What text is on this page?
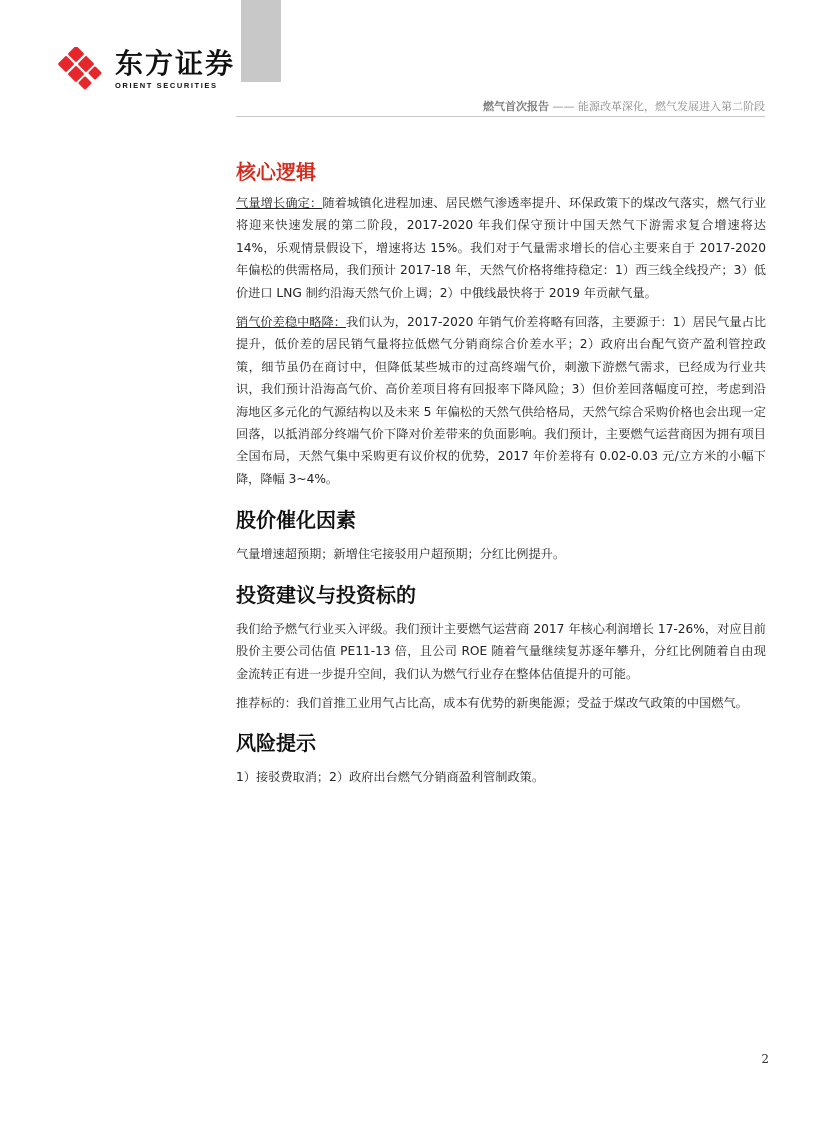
东方证券
ORIENT SECURITIES
燃气首次报告 —— 能源改革深化，燃气发展进入第二阶段
核心逻辑

气量增长确定：随着城镇化进程加速、居民燃气渗透率提升、环保政策下的煤改气落实，燃气行业将迎来快速发展的第二阶段，2017-2020 年我们保守预计中国天然气下游需求复合增速将达 14%，乐观情景假设下，增速将达 15%。我们对于气量需求增长的信心主要来自于 2017-2020 年偏松的供需格局，我们预计 2017-18 年，天然气价格将维持稳定：1）西三线全线投产；3）低价进口 LNG 制约沿海天然气价上调；2）中俄线最快将于 2019 年贡献气量。

销气价差稳中略降：我们认为，2017-2020 年销气价差将略有回落，主要源于：1）居民气量占比提升，低价差的居民销气量将拉低燃气分销商综合价差水平；2）政府出台配气资产盈利管控政策，细节虽仍在商讨中，但降低某些城市的过高终端气价，刺激下游燃气需求，已经成为行业共识，我们预计沿海高气价、高价差项目将有回报率下降风险；3）但价差回落幅度可控，考虑到沿海地区多元化的气源结构以及未来 5 年偏松的天然气供给格局，天然气综合采购价格也会出现一定回落，以抵消部分终端气价下降对价差带来的负面影响。我们预计，主要燃气运营商因为拥有项目全国布局，天然气集中采购更有议价权的优势，2017 年价差将有 0.02-0.03 元/立方米的小幅下降，降幅 3~4%。

股价催化因素

气量增速超预期；新增住宅接驳用户超预期；分红比例提升。

投资建议与投资标的

我们给予燃气行业买入评级。我们预计主要燃气运营商 2017 年核心利润增长 17-26%，对应目前股价主要公司估值 PE11-13 倍，且公司 ROE 随着气量继续复苏逐年攀升，分红比例随着自由现金流转正有进一步提升空间，我们认为燃气行业存在整体估值提升的可能。

推荐标的：我们首推工业用气占比高，成本有优势的新奥能源；受益于煤改气政策的中国燃气。

风险提示

1）接驳费取消；2）政府出台燃气分销商盈利管制政策。

2
